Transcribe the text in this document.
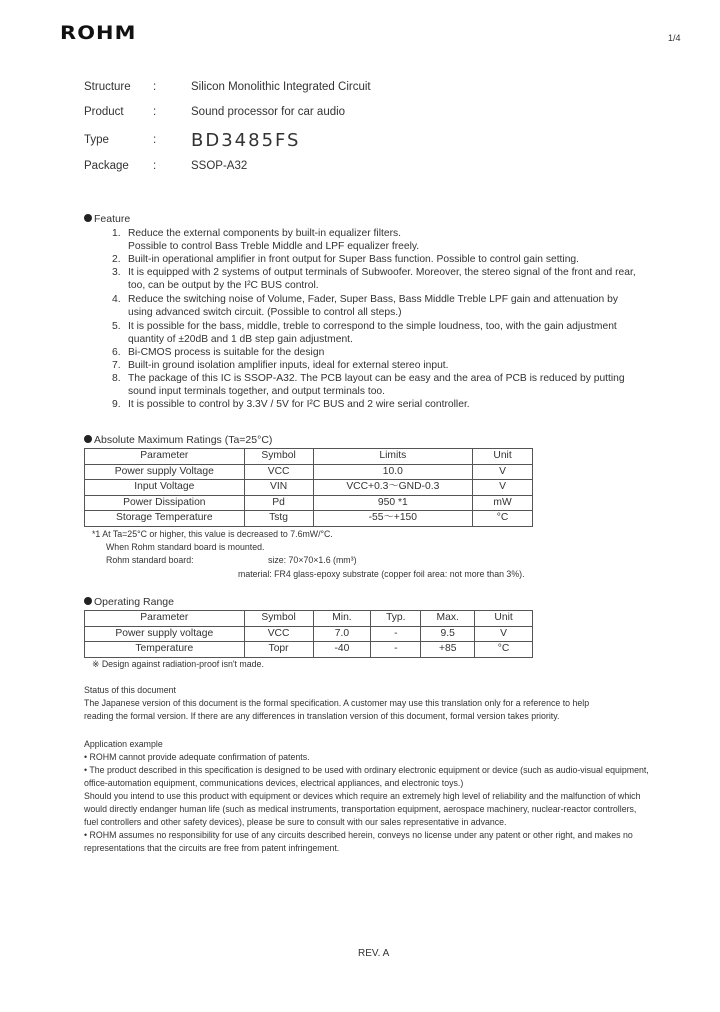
ROHM	1/4
Structure	:	Silicon Monolithic Integrated Circuit
Product	:	Sound processor for car audio
Type	: BD3485FS
Package	:	SSOP-A32
Feature
1. Reduce the external components by built-in equalizer filters.
Possible to control Bass Treble Middle and LPF equalizer freely.
2. Built-in operational amplifier in front output for Super Bass function. Possible to control gain setting.
3. It is equipped with 2 systems of output terminals of Subwoofer. Moreover, the stereo signal of the front and rear,
too, can be output by the I²C BUS control.
4. Reduce the switching noise of Volume, Fader, Super Bass, Bass Middle Treble LPF gain and attenuation by
using advanced switch circuit. (Possible to control all steps.)
5. It is possible for the bass, middle, treble to correspond to the simple loudness, too, with the gain adjustment
quantity of ±20dB and 1 dB step gain adjustment.
6. Bi-CMOS process is suitable for the design
7. Built-in ground isolation amplifier inputs, ideal for external stereo input.
8. The package of this IC is SSOP-A32. The PCB layout can be easy and the area of PCB is reduced by putting
sound input terminals together, and output terminals too.
9. It is possible to control by 3.3V / 5V for I²C BUS and 2 wire serial controller.
Absolute Maximum Ratings (Ta=25°C)
Parameter	Symbol	Limits	Unit
Power supply Voltage	VCC	10.0	V
Input Voltage	VIN	VCC+0.3～GND-0.3	V
Power Dissipation	Pd	950 *1	mW
Storage Temperature	Tstg	-55～+150	°C
*1 At Ta=25°C or higher, this value is decreased to 7.6mW/°C.
When Rohm standard board is mounted.
Rohm standard board:	size: 70×70×1.6 (mm³)
material: FR4 glass-epoxy substrate (copper foil area: not more than 3%).
Operating Range
Parameter	Symbol	Min.	Typ.	Max.	Unit
Power supply voltage	VCC	7.0	-	9.5	V
Temperature	Topr	-40	-	+85	°C
※ Design against radiation-proof isn't made.
Status of this document
The Japanese version of this document is the formal specification. A customer may use this translation only for a reference to help
reading the formal version. If there are any differences in translation version of this document, formal version takes priority.
Application example
• ROHM cannot provide adequate confirmation of patents.
• The product described in this specification is designed to be used with ordinary electronic equipment or device (such as audio-visual equipment,
office-automation equipment, communications devices, electrical appliances, and electronic toys.)
Should you intend to use this product with equipment or devices which require an extremely high level of reliability and the malfunction of which
would directly endanger human life (such as medical instruments, transportation equipment, aerospace machinery, nuclear-reactor controllers,
fuel controllers and other safety devices), please be sure to consult with our sales representative in advance.
• ROHM assumes no responsibility for use of any circuits described herein, conveys no license under any patent or other right, and makes no
representations that the circuits are free from patent infringement.
REV. A
